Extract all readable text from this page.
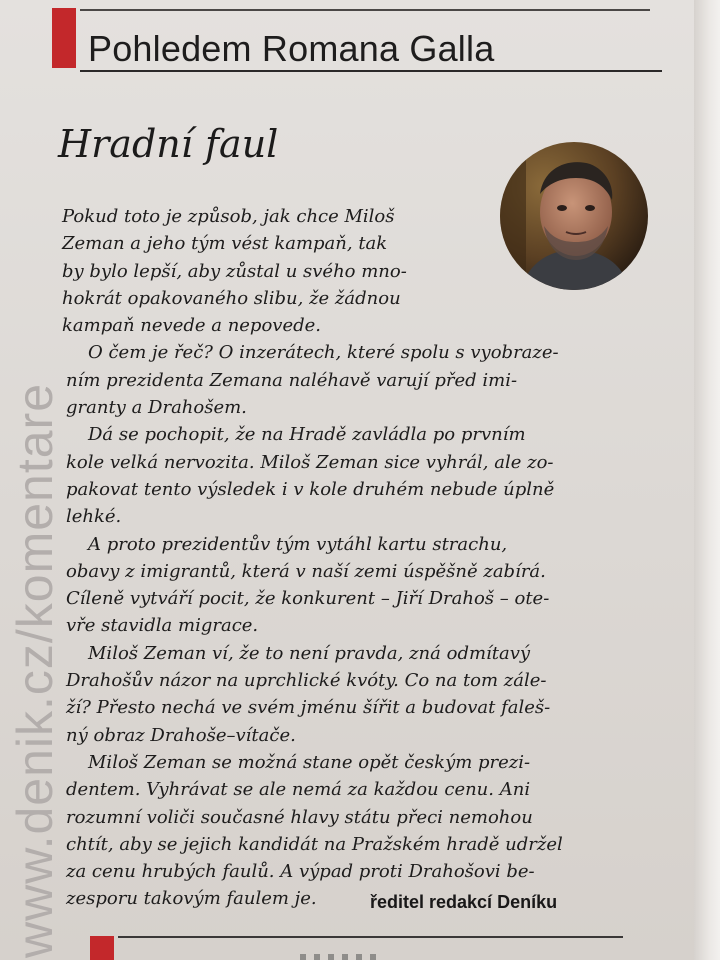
Pohledem Romana Galla
Hradní faul
Pokud toto je způsob, jak chce Miloš
Zeman a jeho tým vést kampaň, tak
by bylo lepší, aby zůstal u svého mno-
hokrát opakovaného slibu, že žádnou
kampaň nevede a nepovede.
O čem je řeč? O inzerátech, které spolu s vyobraze-
ním prezidenta Zemana naléhavě varují před imi-
granty a Drahošem.
Dá se pochopit, že na Hradě zavládla po prvním
kole velká nervozita. Miloš Zeman sice vyhrál, ale zo-
pakovat tento výsledek i v kole druhém nebude úplně
lehké.
A proto prezidentův tým vytáhl kartu strachu,
obavy z imigrantů, která v naší zemi úspěšně zabírá.
Cíleně vytváří pocit, že konkurent – Jiří Drahoš – ote-
vře stavidla migrace.
Miloš Zeman ví, že to není pravda, zná odmítavý
Drahošův názor na uprchlické kvóty. Co na tom zále-
ží? Přesto nechá ve svém jménu šířit a budovat faleš-
ný obraz Drahoše–vítače.
Miloš Zeman se možná stane opět českým prezi-
dentem. Vyhrávat se ale nemá za každou cenu. Ani
rozumní voliči současné hlavy státu přeci nemohou
chtít, aby se jejich kandidát na Pražském hradě udržel
za cenu hrubých faulů. A výpad proti Drahošovi be-
zesporu takovým faulem je.	ředitel redakcí Deníku
www.denik.cz/komentare
